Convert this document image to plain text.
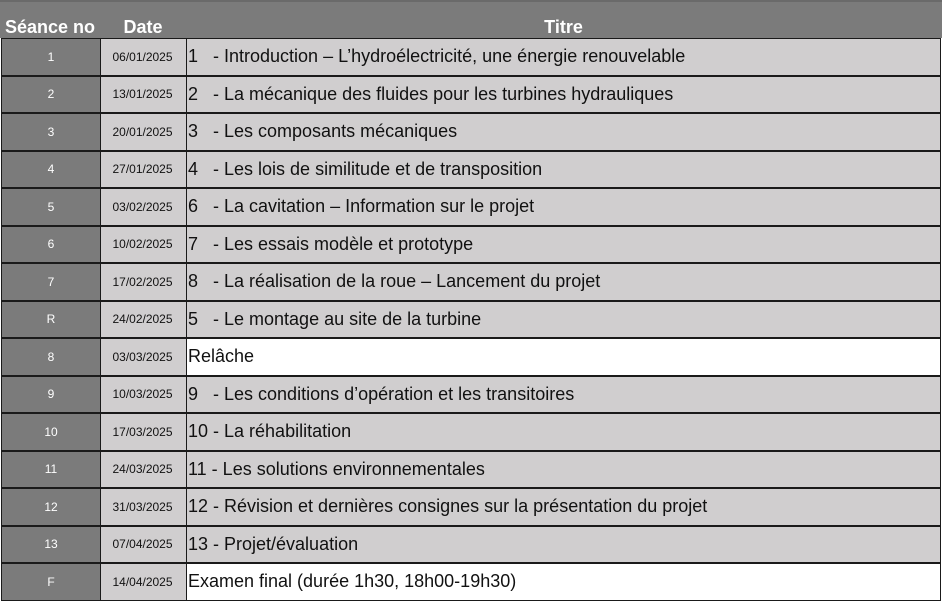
Séance no	Date	Titre
1	06/01/2025 1   - Introduction – L’hydroélectricité, une énergie renouvelable
2	13/01/2025 2   - La mécanique des fluides pour les turbines hydrauliques
3	20/01/2025 3   - Les composants mécaniques
4	27/01/2025 4   - Les lois de similitude et de transposition
5	03/02/2025 6   - La cavitation – Information sur le projet
6	10/02/2025 7   - Les essais modèle et prototype
7	17/02/2025 8   - La réalisation de la roue – Lancement du projet
R	24/02/2025 5   - Le montage au site de la turbine
8	03/03/2025 Relâche
9	10/03/2025 9   - Les conditions d’opération et les transitoires
10	17/03/2025 10 - La réhabilitation
11	24/03/2025 11 - Les solutions environnementales
12	31/03/2025 12 - Révision et dernières consignes sur la présentation du projet
13	07/04/2025 13 - Projet/évaluation
F	14/04/2025 Examen final (durée 1h30, 18h00-19h30)
